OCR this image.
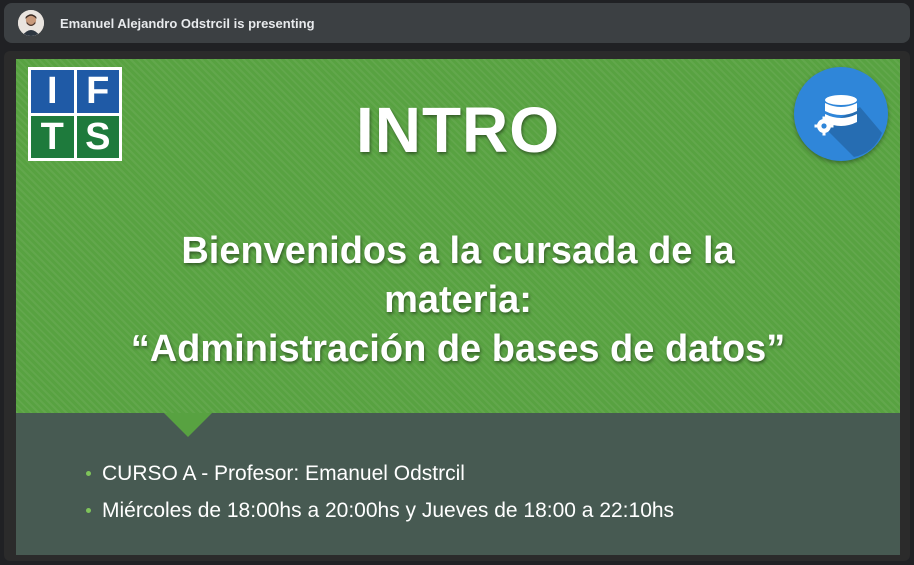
Emanuel Alejandro Odstrcil is presenting
I F
T S	INTRO
Bienvenidos a la cursada de la
materia:
“Administración de bases de datos”
CURSO A - Profesor: Emanuel Odstrcil
Miércoles de 18:00hs a 20:00hs y Jueves de 18:00 a 22:10hs
